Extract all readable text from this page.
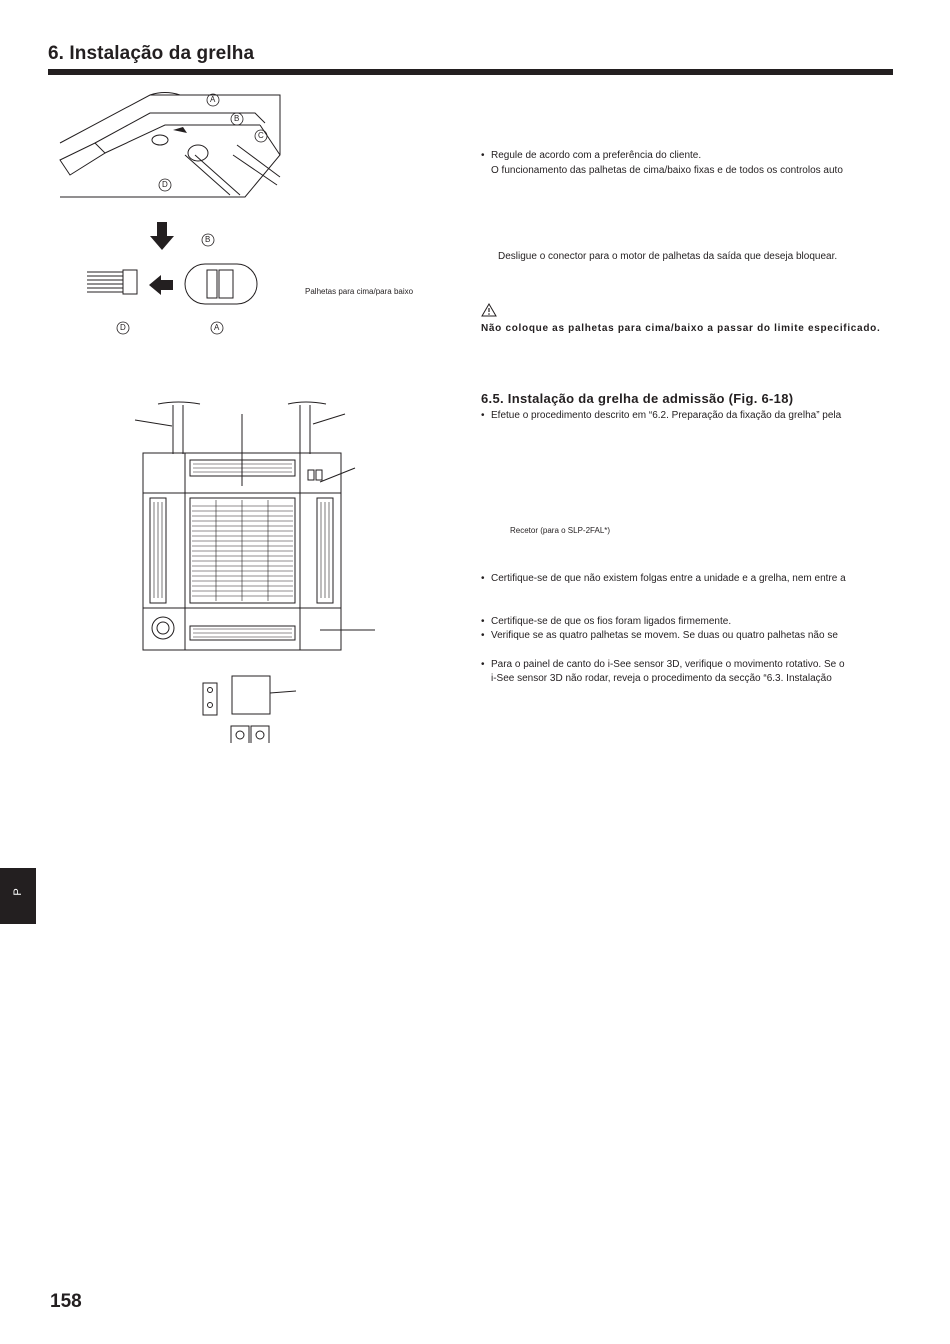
6. Instalação da grelha
A
B
C
D
B
D	A
Palhetas para cima/para baixo
• Regule de acordo com a preferência do cliente.
O funcionamento das palhetas de cima/baixo fixas e de todos os controlos auto
Desligue o conector para o motor de palhetas da saída que deseja bloquear.
Não coloque as palhetas para cima/baixo a passar do limite especificado.
6.5. Instalação da grelha de admissão (Fig. 6-18)
• Efetue o procedimento descrito em “6.2. Preparação da fixação da grelha” pela
Recetor (para o SLP-2FAL*)
• Certifique-se de que não existem folgas entre a unidade e a grelha, nem entre a
• Certifique-se de que os fios foram ligados firmemente.
• Verifique se as quatro palhetas se movem. Se duas ou quatro palhetas não se
• Para o painel de canto do i-See sensor 3D, verifique o movimento rotativo. Se o
i-See sensor 3D não rodar, reveja o procedimento da secção “6.3. Instalação
P
158
